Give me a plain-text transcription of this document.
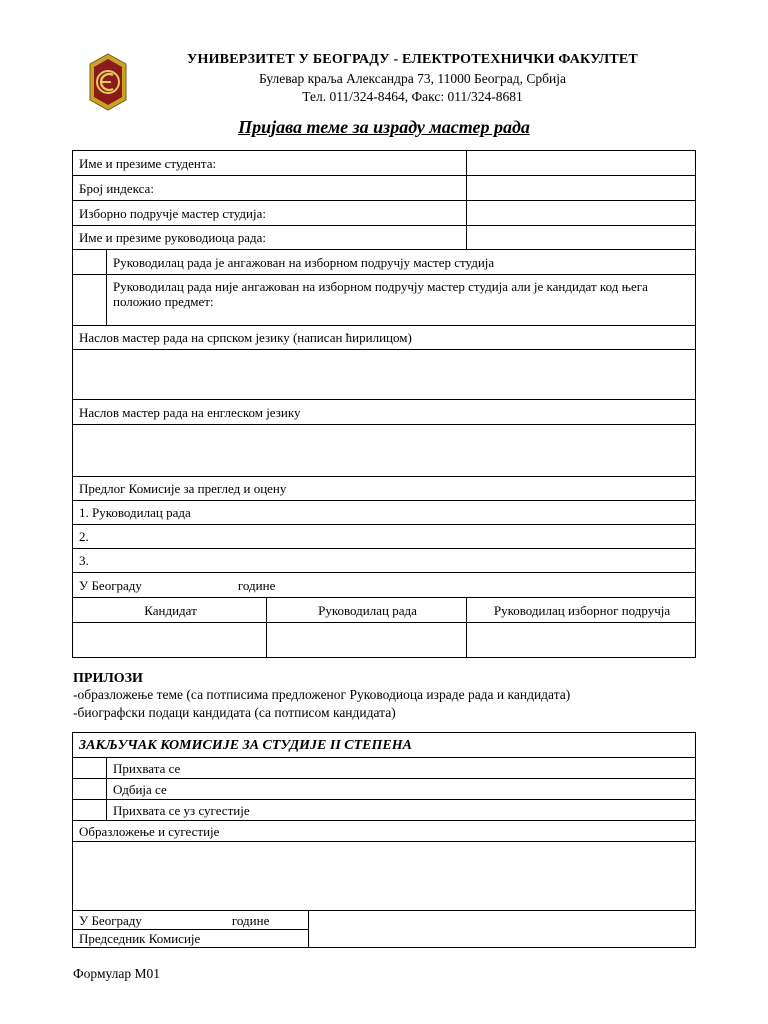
УНИВЕРЗИТЕТ У БЕОГРАДУ - ЕЛЕКТРОТЕХНИЧКИ ФАКУЛТЕТ
Булевар краља Александра 73, 11000 Београд, Србија
Тел. 011/324-8464, Факс: 011/324-8681
Пријава теме за израду мастер рада
Име и презиме студента:			
Број индекса:			
Изборно подручје мастер студија:			
Име и презиме руководиоца рада:			
	Руководилац рада је ангажован на изборном подручју мастер студија		
	Руководилац рада није ангажован на изборном подручју мастер студија али је кандидат код њега положио предмет:		
Наслов мастер рада на српском језику (написан ћирилицом)			

Наслов мастер рада на енглеском језику			

Предлог Комисије за преглед и оцену			
1. Руководилац рада			
2.			
3.			
У Београду године			
Кандидат		Руководилац рада	Руководилац изборног подручја

ПРИЛОЗИ
-образложење теме (са потписима предложеног Руководиоца израде рада и кандидата)
-биографски подаци кандидата (са потписом кандидата)
ЗАКЉУЧАК КОМИСИЈЕ ЗА СТУДИЈЕ II СТЕПЕНА		
	Прихвата се	
	Одбија се	
	Прихвата се уз сугестије	
Образложење и сугестије		

У Београду године		
Председник Комисије		
Формулар М01
